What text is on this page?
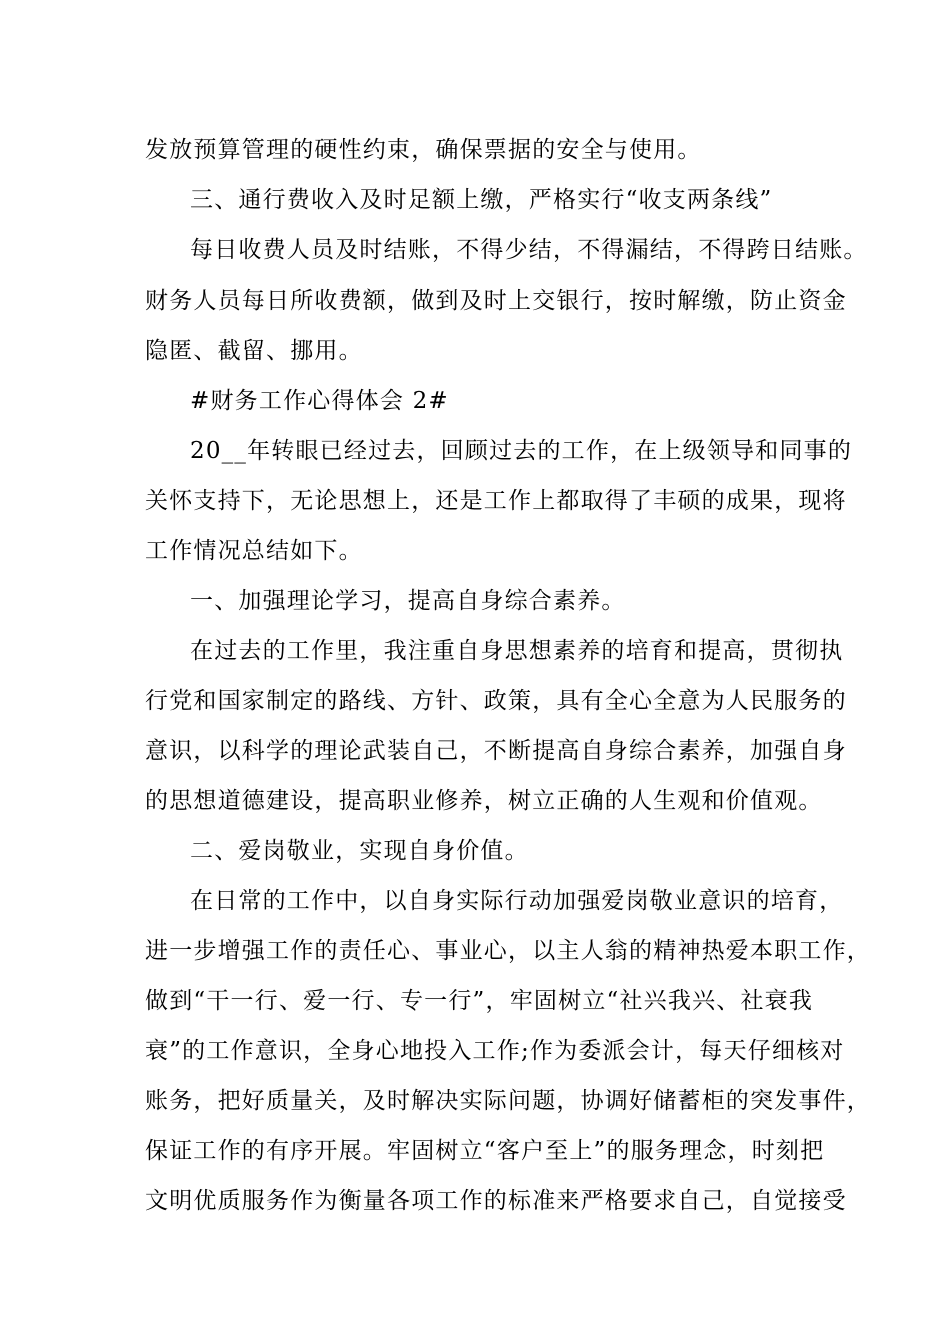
发放预算管理的硬性约束，确保票据的安全与使用。
三、通行费收入及时足额上缴，严格实行“收支两条线”
每日收费人员及时结账，不得少结，不得漏结，不得跨日结账。
财务人员每日所收费额，做到及时上交银行，按时解缴，防止资金
隐匿、截留、挪用。
#财务工作心得体会 2#
20__年转眼已经过去，回顾过去的工作，在上级领导和同事的
关怀支持下，无论思想上，还是工作上都取得了丰硕的成果，现将
工作情况总结如下。
一、加强理论学习，提高自身综合素养。
在过去的工作里，我注重自身思想素养的培育和提高，贯彻执
行党和国家制定的路线、方针、政策，具有全心全意为人民服务的
意识，以科学的理论武装自己，不断提高自身综合素养，加强自身
的思想道德建设，提高职业修养，树立正确的人生观和价值观。
二、爱岗敬业，实现自身价值。
在日常的工作中，以自身实际行动加强爱岗敬业意识的培育，
进一步增强工作的责任心、事业心，以主人翁的精神热爱本职工作，
做到“干一行、爱一行、专一行”，牢固树立“社兴我兴、社衰我
衰”的工作意识，全身心地投入工作;作为委派会计，每天仔细核对
账务，把好质量关，及时解决实际问题，协调好储蓄柜的突发事件，
保证工作的有序开展。牢固树立“客户至上”的服务理念，时刻把
文明优质服务作为衡量各项工作的标准来严格要求自己，自觉接受
